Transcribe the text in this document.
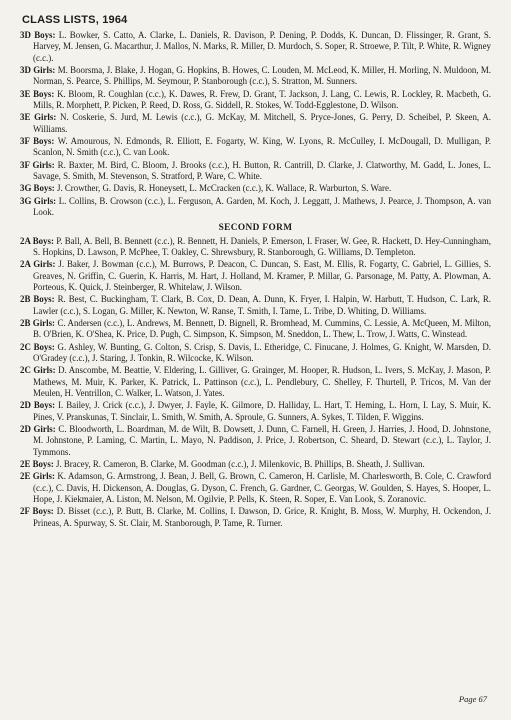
CLASS LISTS, 1964

3D Boys: L. Bowker, S. Catto, A. Clarke, L. Daniels, R. Davison, P. Dening, P. Dodds, K. Duncan, D. Flissinger, R. Grant, S. Harvey, M. Jensen, G. Macarthur, J. Mallos, N. Marks, R. Miller, D. Murdoch, S. Soper, R. Stroewe, P. Tilt, P. White, R. Wigney (c.c.).

3D Girls: M. Boorsma, J. Blake, J. Hogan, G. Hopkins, B. Howes, C. Louden, M. McLeod, K. Miller, H. Morling, N. Muldoon, M. Norman, S. Pearce, S. Phillips, M. Seymour, P. Stanborough (c.c.), S. Stratton, M. Sunners.

3E Boys: K. Bloom, R. Coughlan (c.c.), K. Dawes, R. Frew, D. Grant, T. Jackson, J. Lang, C. Lewis, R. Lockley, R. Macbeth, G. Mills, R. Morphett, P. Picken, P. Reed, D. Ross, G. Siddell, R. Stokes, W. Todd-Egglestone, D. Wilson.

3E Girls: N. Coskerie, S. Jurd, M. Lewis (c.c.), G. McKay, M. Mitchell, S. Pryce-Jones, G. Perry, D. Scheibel, P. Skeen, A. Williams.

3F Boys: W. Amourous, N. Edmonds, R. Elliott, E. Fogarty, W. King, W. Lyons, R. McCulley, I. McDougall, D. Mulligan, P. Scanlon, N. Smith (c.c.), C. van Look.

3F Girls: R. Baxter, M. Bird, C. Bloom, J. Brooks (c.c.), H. Button, R. Cantrill, D. Clarke, J. Clatworthy, M. Gadd, L. Jones, L. Savage, S. Smith, M. Stevenson, S. Stratford, P. Ware, C. White.

3G Boys: J. Crowther, G. Davis, R. Honeysett, L. McCracken (c.c.), K. Wallace, R. Warburton, S. Ware.

3G Girls: L. Collins, B. Crowson (c.c.), L. Ferguson, A. Garden, M. Koch, J. Leggatt, J. Mathews, J. Pearce, J. Thompson, A. van Look.

SECOND FORM

2A Boys: P. Ball, A. Bell, B. Bennett (c.c.), R. Bennett, H. Daniels, P. Emerson, I. Fraser, W. Gee, R. Hackett, D. Hey-Cunningham, S. Hopkins, D. Lawson, P. McPhee, T. Oakley, C. Shrewsbury, R. Stanborough, G. Williams, D. Templeton.

2A Girls: J. Baker, J. Bowman (c.c.), M. Burrows, P. Deacon, C. Duncan, S. East, M. Ellis, R. Fogarty, C. Gabriel, L. Gillies, S. Greaves, N. Griffin, C. Guerin, K. Harris, M. Hart, J. Holland, M. Kramer, P. Millar, G. Parsonage, M. Patty, A. Plowman, A. Porteous, K. Quick, J. Steinberger, R. Whitelaw, J. Wilson.

2B Boys: R. Best, C. Buckingham, T. Clark, B. Cox, D. Dean, A. Dunn, K. Fryer, I. Halpin, W. Harbutt, T. Hudson, C. Lark, R. Lawler (c.c.), S. Logan, G. Miller, K. Newton, W. Ranse, T. Smith, I. Tame, L. Tribe, D. Whiting, D. Williams.

2B Girls: C. Andersen (c.c.), L. Andrews, M. Bennett, D. Bignell, R. Bromhead, M. Cummins, C. Lessie, A. McQueen, M. Milton, B. O'Brien, K. O'Shea, K. Price, D. Pugh, C. Simpson, K. Simpson, M. Sneddon, L. Thew, L. Trow, J. Watts, C. Winstead.

2C Boys: G. Ashley, W. Bunting, G. Colton, S. Crisp, S. Davis, L. Etheridge, C. Finucane, J. Holmes, G. Knight, W. Marsden, D. O'Gradey (c.c.), J. Staring, J. Tonkin, R. Wilcocke, K. Wilson.

2C Girls: D. Anscombe, M. Beattie, V. Eldering, L. Gilliver, G. Grainger, M. Hooper, R. Hudson, L. Ivers, S. McKay, J. Mason, P. Mathews, M. Muir, K. Parker, K. Patrick, L. Pattinson (c.c.), L. Pendlebury, C. Shelley, F. Thurtell, P. Tricos, M. Van der Meulen, H. Ventrillon, C. Walker, L. Watson, J. Yates.

2D Boys: I. Bailey, J. Crick (c.c.), J. Dwyer, J. Fayle, K. Gilmore, D. Halliday, L. Hart, T. Heming, L. Horn, I. Lay, S. Muir, K. Pines, V. Pranskunas, T. Sinclair, L. Smith, W. Smith, A. Sproule, G. Sunners, A. Sykes, T. Tilden, F. Wiggins.

2D Girls: C. Bloodworth, L. Boardman, M. de Wilt, B. Dowsett, J. Dunn, C. Farnell, H. Green, J. Harries, J. Hood, D. Johnstone, M. Johnstone, P. Laming, C. Martin, L. Mayo, N. Paddison, J. Price, J. Robertson, C. Sheard, D. Stewart (c.c.), L. Taylor, J. Tymmons.

2E Boys: J. Bracey, R. Cameron, B. Clarke, M. Goodman (c.c.), J. Milenkovic, B. Phillips, B. Sheath, J. Sullivan.

2E Girls: K. Adamson, G. Armstrong, J. Bean, J. Bell, G. Brown, C. Cameron, H. Carlisle, M. Charlesworth, B. Cole, C. Crawford (c.c.), C. Davis, H. Dickenson, A. Douglas, G. Dyson, C. French, G. Gardner, C. Georgas, W. Goulden, S. Hayes, S. Hooper, L. Hope, J. Kiekmaier, A. Liston, M. Nelson, M. Ogilvie, P. Pells, K. Steen, R. Soper, E. Van Look, S. Zoranovic.

2F Boys: D. Bisset (c.c.), P. Butt, B. Clarke, M. Collins, I. Dawson, D. Grice, R. Knight, B. Moss, W. Murphy, H. Ockendon, J. Prineas, A. Spurway, S. St. Clair, M. Stanborough, P. Tame, R. Turner.

Page 67
